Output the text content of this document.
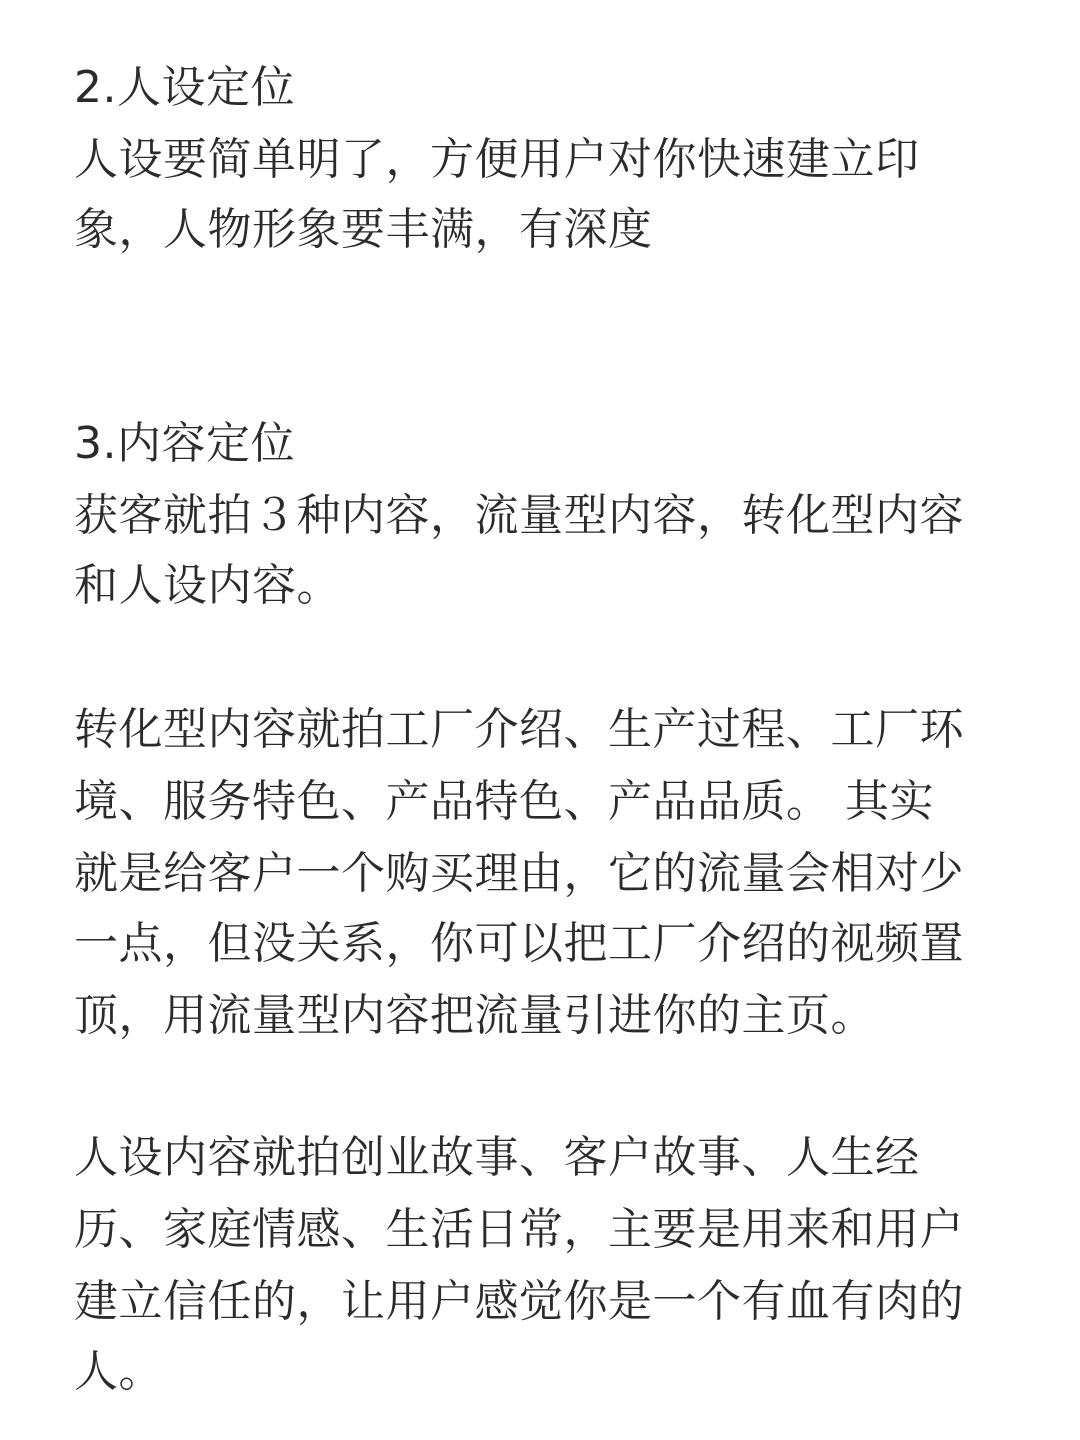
2.人设定位
人设要简单明了，方便用户对你快速建立印
象，人物形象要丰满，有深度
3.内容定位
获客就拍３种内容，流量型内容，转化型内容
和人设内容。
转化型内容就拍工厂介绍、生产过程、工厂环
境、服务特色、产品特色、产品品质。 其实
就是给客户一个购买理由，它的流量会相对少
一点，但没关系，你可以把工厂介绍的视频置
顶，用流量型内容把流量引进你的主页。
人设内容就拍创业故事、客户故事、人生经
历、家庭情感、生活日常，主要是用来和用户
建立信任的，让用户感觉你是一个有血有肉的
人。
